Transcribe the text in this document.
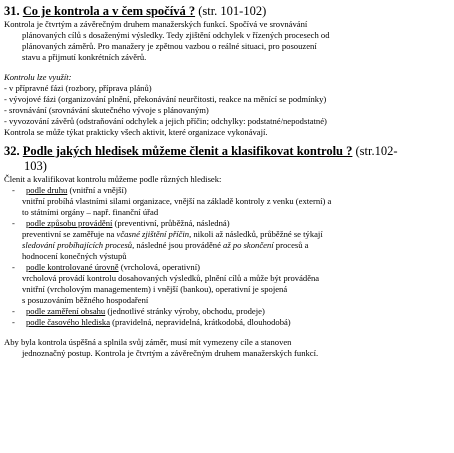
31. Co je kontrola a v čem spočívá ? (str. 101-102)

Kontrola je čtvrtým a závěrečným druhem manažerských funkcí. Spočívá ve srovnávání

plánovaných cílů s dosaženými výsledky. Tedy zjištění odchylek v řízených procesech od

plánovaných záměrů. Pro manažery je zpětnou vazbou o reálné situaci, pro posouzení

stavu a přijmutí konkrétních závěrů.

Kontrolu lze využít:

- v přípravné fázi (rozbory, příprava plánů)

- vývojové fázi (organizování plnění, překonávání neurčitosti, reakce na měnící se podmínky)

- srovnávání (srovnávání skutečného vývoje s plánovaným)

- vyvozování závěrů (odstraňování odchylek a jejich příčin; odchylky: podstatné/nepodstatné)

Kontrola se může týkat prakticky všech aktivit, které organizace vykonávají.

32. Podle jakých hledisek můžeme členit a klasifikovat kontrolu ? (str.102-

103)

Členit a kvalifikovat kontrolu můžeme podle různých hledisek:

- podle druhu (vnitřní a vnější)

vnitřní probíhá vlastními silami organizace, vnější na základě kontroly z venku (externí) a

to státními orgány – např. finanční úřad

- podle způsobu provádění (preventivní, průběžná, následná)

preventivní se zaměřuje na včasné zjištění příčin, nikoli až následků, průběžné se týkají

sledování probíhajících procesů, následné jsou prováděné až po skončení procesů a

hodnocení konečných výstupů

- podle kontrolované úrovně (vrcholová, operativní)

vrcholová provádí kontrolu dosahovaných výsledků, plnění cílů a může být prováděna

vnitřní (vrcholovým managementem) i vnější (bankou), operativní je spojená

s posuzováním běžného hospodaření

- podle zaměření obsahu (jednotlivé stránky výroby, obchodu, prodeje)

- podle časového hlediska (pravidelná, nepravidelná, krátkodobá, dlouhodobá)

Aby byla kontrola úspěšná a splnila svůj záměr, musí mít vymezeny cíle a stanoven

jednoznačný postup. Kontrola je čtvrtým a závěrečným druhem manažerských funkcí.
